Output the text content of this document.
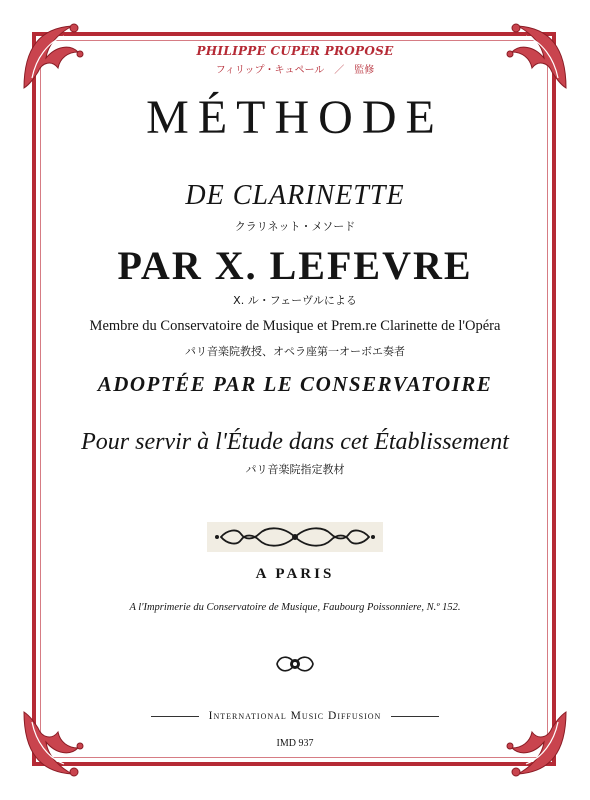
PHILIPPE CUPER PROPOSE
フィリップ・キュペール　／　監修
MÉTHODE
DE CLARINETTE
クラリネット・メソード
PAR X. LEFEVRE
X. ル・フェーヴルによる
Membre du Conservatoire de Musique et Prem.re Clarinette de l'Opéra
パリ音楽院教授、オペラ座第一オーボエ奏者
ADOPTÉE PAR LE CONSERVATOIRE
Pour servir à l'Étude dans cet Établissement
パリ音楽院指定教材
A PARIS
A l'Imprimerie du Conservatoire de Musique, Faubourg Poissonniere, N.º 152.
International Music Diffusion
IMD 937
